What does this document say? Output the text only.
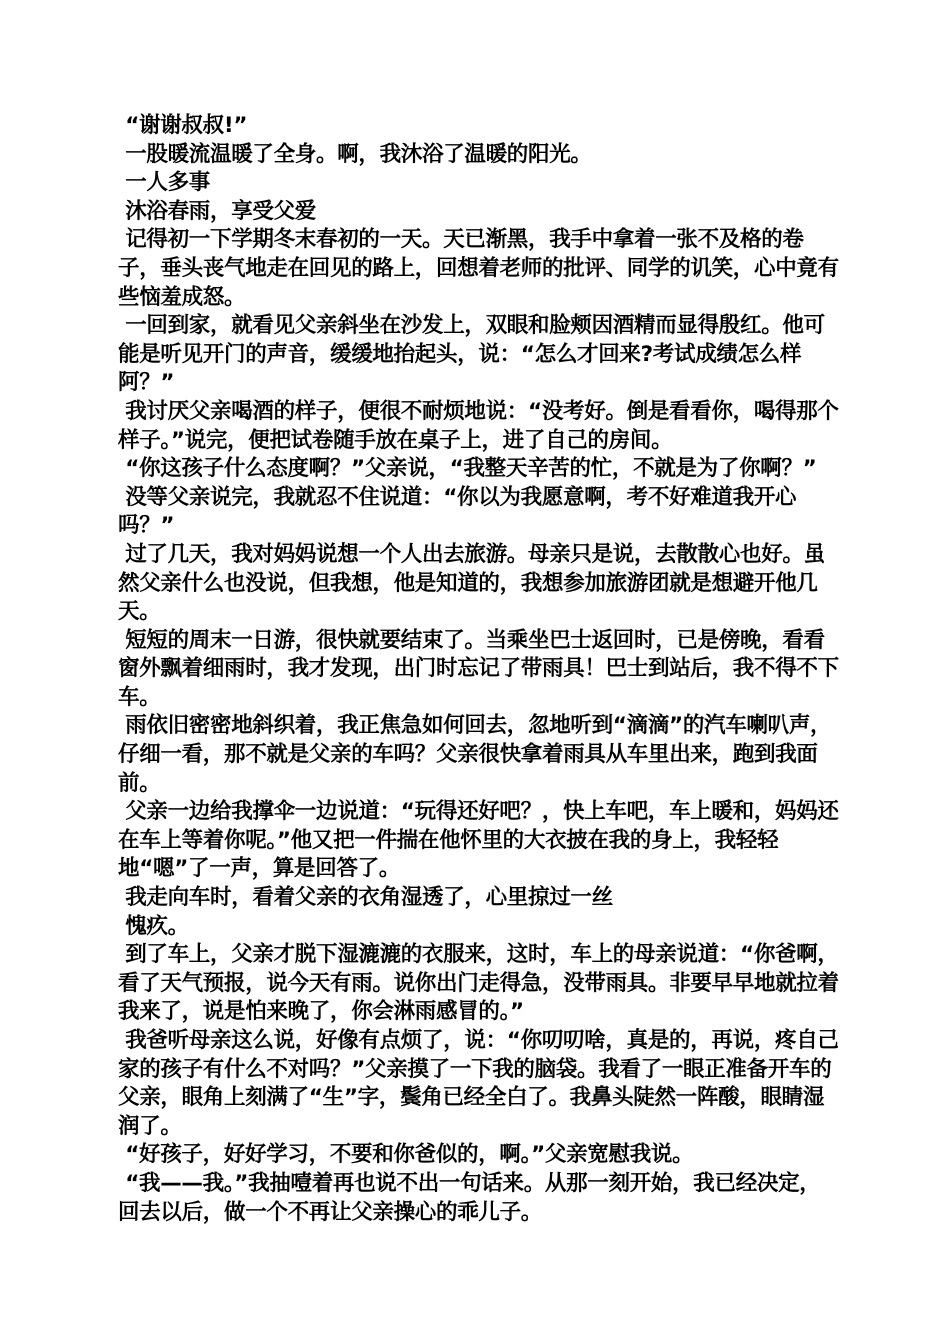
“谢谢叔叔!”

一股暖流温暖了全身。啊，我沐浴了温暖的阳光。

一人多事

沐浴春雨，享受父爱

记得初一下学期冬末春初的一天。天已渐黑，我手中拿着一张不及格的卷子，垂头丧气地走在回见的路上，回想着老师的批评、同学的讥笑，心中竟有些恼羞成怒。

一回到家，就看见父亲斜坐在沙发上，双眼和脸颊因酒精而显得殷红。他可能是听见开门的声音，缓缓地抬起头，说：“怎么才回来?考试成绩怎么样阿？”

我讨厌父亲喝酒的样子，便很不耐烦地说：“没考好。倒是看看你，喝得那个样子。”说完，便把试卷随手放在桌子上，进了自己的房间。

“你这孩子什么态度啊？”父亲说，“我整天辛苦的忙，不就是为了你啊？”

没等父亲说完，我就忍不住说道：“你以为我愿意啊，考不好难道我开心吗？”

过了几天，我对妈妈说想一个人出去旅游。母亲只是说，去散散心也好。虽然父亲什么也没说，但我想，他是知道的，我想参加旅游团就是想避开他几天。

短短的周末一日游，很快就要结束了。当乘坐巴士返回时，已是傍晚，看看窗外飘着细雨时，我才发现，出门时忘记了带雨具！巴士到站后，我不得不下车。

雨依旧密密地斜织着，我正焦急如何回去，忽地听到“滴滴”的汽车喇叭声，仔细一看，那不就是父亲的车吗？父亲很快拿着雨具从车里出来，跑到我面前。

父亲一边给我撑伞一边说道：“玩得还好吧？，快上车吧，车上暖和，妈妈还在车上等着你呢。”他又把一件揣在他怀里的大衣披在我的身上，我轻轻地“嗯”了一声，算是回答了。

我走向车时，看着父亲的衣角湿透了，心里掠过一丝

愧疚。

到了车上，父亲才脱下湿漉漉的衣服来，这时，车上的母亲说道：“你爸啊，看了天气预报，说今天有雨。说你出门走得急，没带雨具。非要早早地就拉着我来了，说是怕来晚了，你会淋雨感冒的。”

我爸听母亲这么说，好像有点烦了，说：“你叨叨啥，真是的，再说，疼自己家的孩子有什么不对吗？”父亲摸了一下我的脑袋。我看了一眼正准备开车的父亲，眼角上刻满了“生”字，鬓角已经全白了。我鼻头陡然一阵酸，眼睛湿润了。

“好孩子，好好学习，不要和你爸似的，啊。”父亲宽慰我说。

“我——我。”我抽噎着再也说不出一句话来。从那一刻开始，我已经决定，回去以后，做一个不再让父亲操心的乖儿子。
